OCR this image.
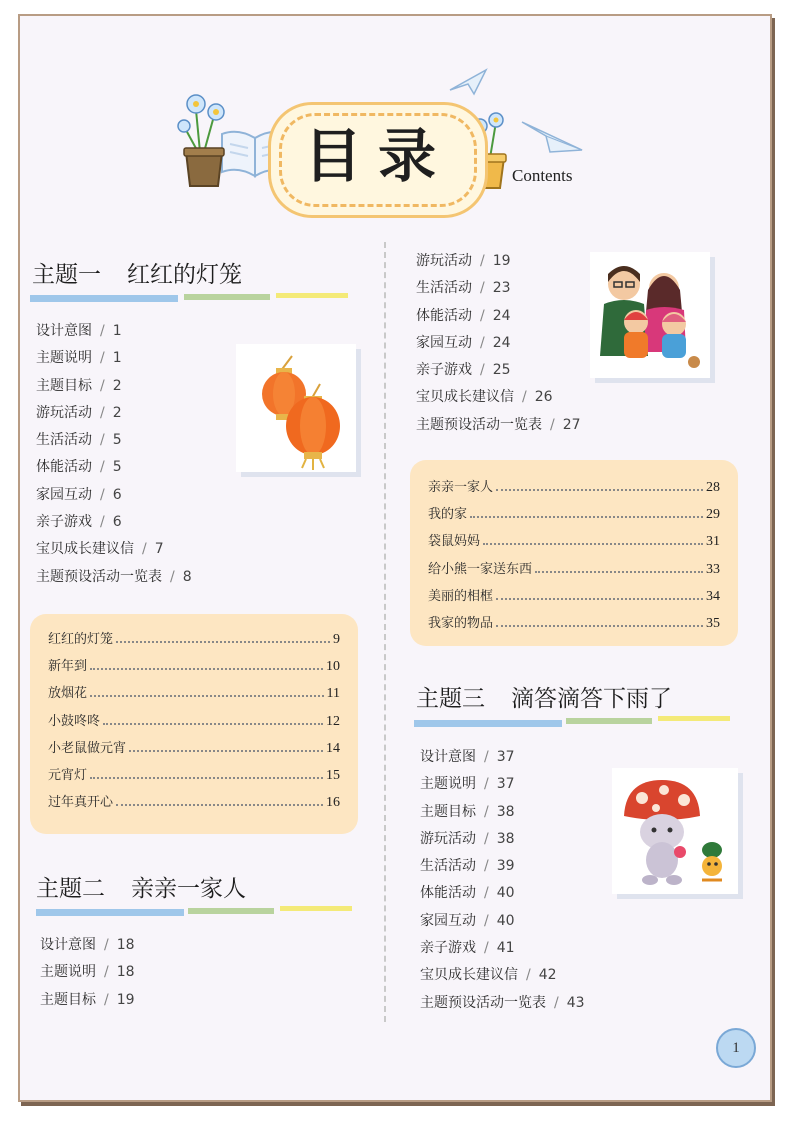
目录	Contents
主题一 红红的灯笼
设计意图 / 1
主题说明 / 1
主题目标 / 2
游玩活动 / 2
生活活动 / 5
体能活动 / 5
家园互动 / 6
亲子游戏 / 6
宝贝成长建议信 / 7
主题预设活动一览表 / 8
红红的灯笼	9
新年到	10
放烟花	11
小鼓咚咚	12
小老鼠做元宵	14
元宵灯	15
过年真开心	16
主题二 亲亲一家人
设计意图 / 18
主题说明 / 18
主题目标 / 19
游玩活动 / 19
生活活动 / 23
体能活动 / 24
家园互动 / 24
亲子游戏 / 25
宝贝成长建议信 / 26
主题预设活动一览表 / 27
亲亲一家人	28
我的家	29
袋鼠妈妈	31
给小熊一家送东西	33
美丽的相框	34
我家的物品	35
主题三 滴答滴答下雨了
设计意图 / 37
主题说明 / 37
主题目标 / 38
游玩活动 / 38
生活活动 / 39
体能活动 / 40
家园互动 / 40
亲子游戏 / 41
宝贝成长建议信 / 42
主题预设活动一览表 / 43
1
